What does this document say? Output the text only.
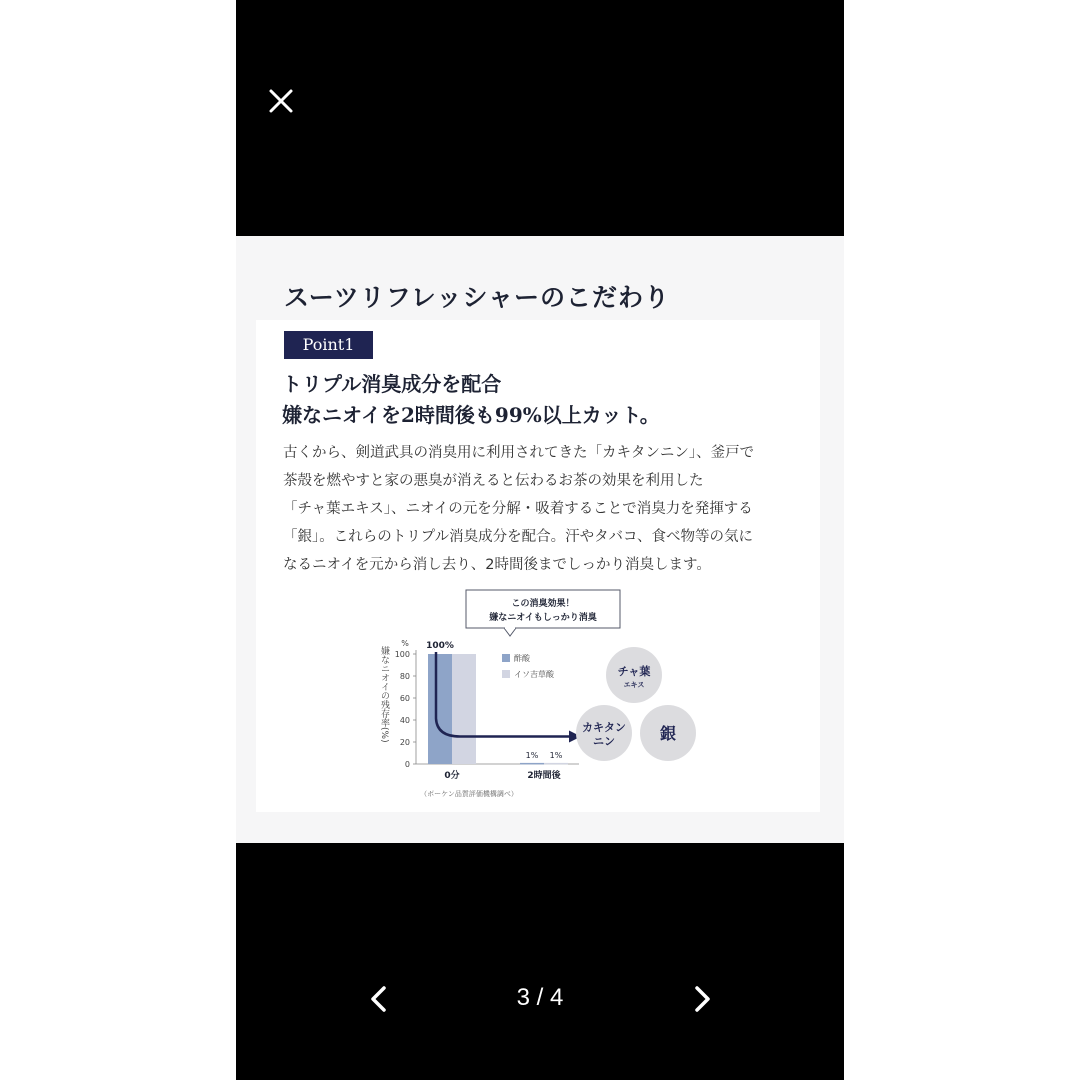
スーツリフレッシャーのこだわり
Point1
トリプル消臭成分を配合
嫌なニオイを2時間後も99%以上カット。
古くから、剣道武具の消臭用に利用されてきた「カキタンニン」、釜戸で
茶殻を燃やすと家の悪臭が消えると伝わるお茶の効果を利用した
「チャ葉エキス」、ニオイの元を分解・吸着することで消臭力を発揮する
「銀」。これらのトリプル消臭成分を配合。汗やタバコ、食べ物等の気に
なるニオイを元から消し去り、2時間後までしっかり消臭します。
この消臭効果！
嫌なニオイもしっかり消臭
嫌なニオイの残存率(%)
%
100
80
60
40
20
0
0分	2時間後
100%
1% 1%
酢酸
イソ吉草酸
（ボーケン品質評価機構調べ）
チャ葉
エキス
カキタン
ニン	銀
3 / 4
